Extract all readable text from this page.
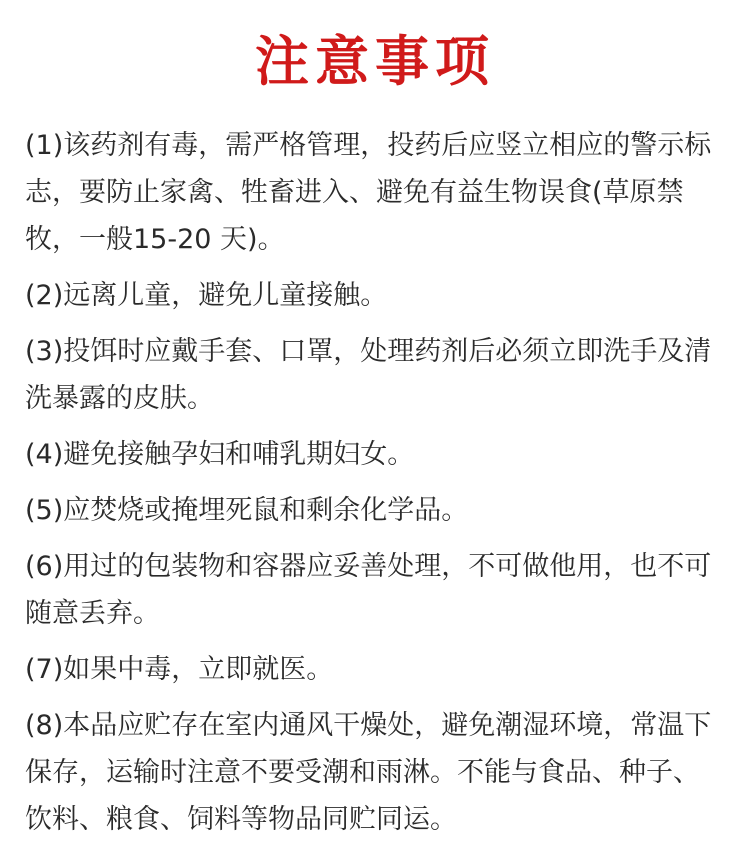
注意事项
(1)该药剂有毒，需严格管理，投药后应竖立相应的警示标志，要防止家禽、牲畜进入、避免有益生物误食(草原禁牧，一般15-20 天)。
(2)远离儿童，避免儿童接触。
(3)投饵时应戴手套、口罩，处理药剂后必须立即洗手及清洗暴露的皮肤。
(4)避免接触孕妇和哺乳期妇女。
(5)应焚烧或掩埋死鼠和剩余化学品。
(6)用过的包装物和容器应妥善处理，不可做他用，也不可随意丢弃。
(7)如果中毒，立即就医。
(8)本品应贮存在室内通风干燥处，避免潮湿环境，常温下保存，运输时注意不要受潮和雨淋。不能与食品、种子、饮料、粮食、饲料等物品同贮同运。
